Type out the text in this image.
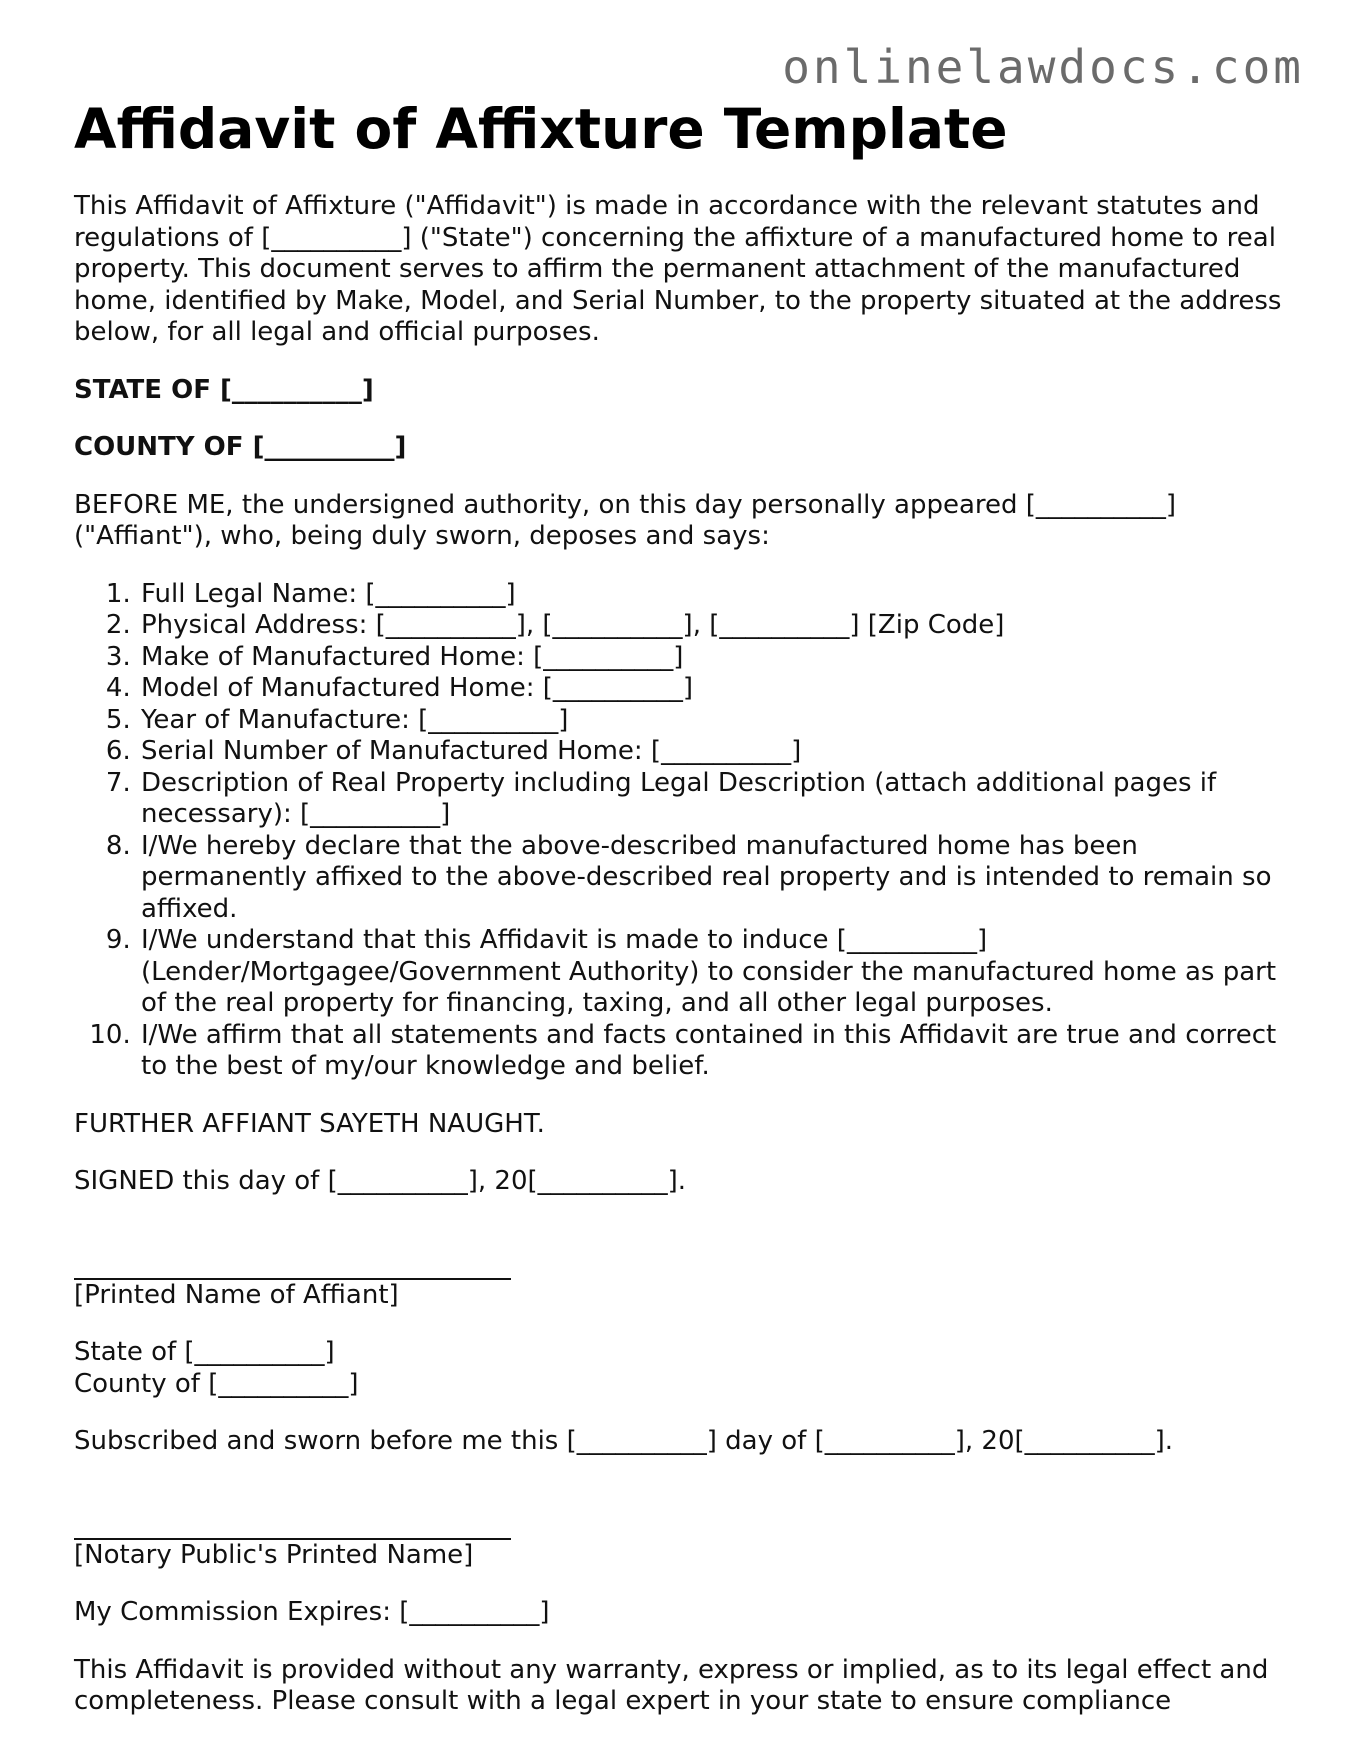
onlinelawdocs.com
Affidavit of Affixture Template

This Affidavit of Affixture ("Affidavit") is made in accordance with the relevant statutes and regulations of [__________] ("State") concerning the affixture of a manufactured home to real property. This document serves to affirm the permanent attachment of the manufactured home, identified by Make, Model, and Serial Number, to the property situated at the address below, for all legal and official purposes.

STATE OF [__________]

COUNTY OF [__________]

BEFORE ME, the undersigned authority, on this day personally appeared [__________] ("Affiant"), who, being duly sworn, deposes and says:

1. Full Legal Name: [__________]
2. Physical Address: [__________], [__________], [__________] [Zip Code]
3. Make of Manufactured Home: [__________]
4. Model of Manufactured Home: [__________]
5. Year of Manufacture: [__________]
6. Serial Number of Manufactured Home: [__________]
7. Description of Real Property including Legal Description (attach additional pages if necessary): [__________]
8. I/We hereby declare that the above-described manufactured home has been permanently affixed to the above-described real property and is intended to remain so affixed.
9. I/We understand that this Affidavit is made to induce [__________] (Lender/Mortgagee/Government Authority) to consider the manufactured home as part of the real property for financing, taxing, and all other legal purposes.
10. I/We affirm that all statements and facts contained in this Affidavit are true and correct to the best of my/our knowledge and belief.

FURTHER AFFIANT SAYETH NAUGHT.

SIGNED this day of [__________], 20[__________].

[Printed Name of Affiant]

State of [__________]

County of [__________]

Subscribed and sworn before me this [__________] day of [__________], 20[__________].

[Notary Public's Printed Name]

My Commission Expires: [__________]

This Affidavit is provided without any warranty, express or implied, as to its legal effect and completeness. Please consult with a legal expert in your state to ensure compliance
